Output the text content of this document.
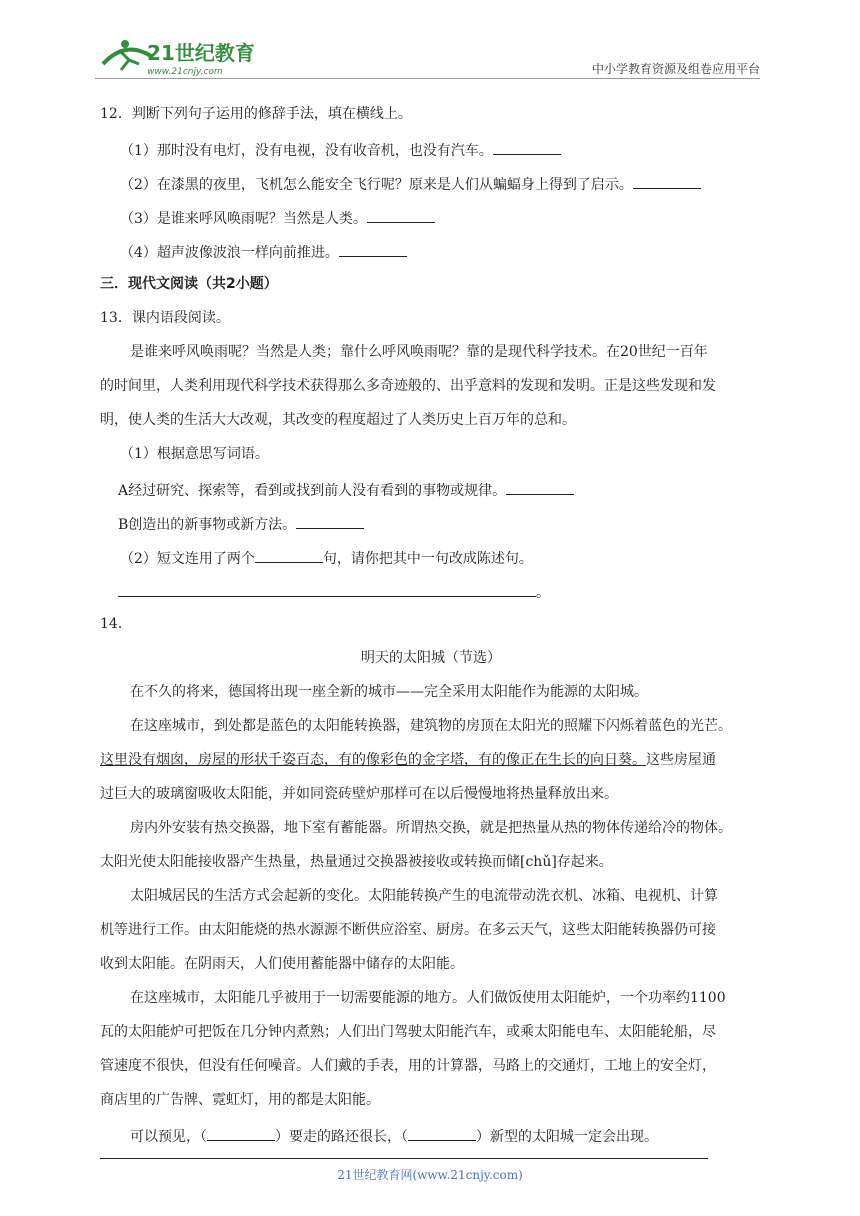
21世纪教育
www.21cnjy.com	中小学教育资源及组卷应用平台
12．判断下列句子运用的修辞手法，填在横线上。
（1）那时没有电灯，没有电视，没有收音机，也没有汽车。
（2）在漆黑的夜里，飞机怎么能安全飞行呢？原来是人们从蝙蝠身上得到了启示。
（3）是谁来呼风唤雨呢？当然是人类。
（4）超声波像波浪一样向前推进。
三．现代文阅读（共2小题）
13．课内语段阅读。
是谁来呼风唤雨呢？当然是人类；靠什么呼风唤雨呢？靠的是现代科学技术。在20世纪一百年
的时间里，人类利用现代科学技术获得那么多奇迹般的、出乎意料的发现和发明。正是这些发现和发
明，使人类的生活大大改观，其改变的程度超过了人类历史上百万年的总和。
（1）根据意思写词语。
A经过研究、探索等，看到或找到前人没有看到的事物或规律。
B创造出的新事物或新方法。
（2）短文连用了两个	句，请你把其中一句改成陈述句。
。
14．
明天的太阳城（节选）
在不久的将来，德国将出现一座全新的城市——完全采用太阳能作为能源的太阳城。
在这座城市，到处都是蓝色的太阳能转换器，建筑物的房顶在太阳光的照耀下闪烁着蓝色的光芒。
这里没有烟囱，房屋的形状千姿百态，有的像彩色的金字塔，有的像正在生长的向日葵。这些房屋通
过巨大的玻璃窗吸收太阳能，并如同瓷砖壁炉那样可在以后慢慢地将热量释放出来。
房内外安装有热交换器，地下室有蓄能器。所谓热交换，就是把热量从热的物体传递给冷的物体。
太阳光使太阳能接收器产生热量，热量通过交换器被接收或转换而储[chǔ]存起来。
太阳城居民的生活方式会起新的变化。太阳能转换产生的电流带动洗衣机、冰箱、电视机、计算
机等进行工作。由太阳能烧的热水源源不断供应浴室、厨房。在多云天气，这些太阳能转换器仍可接
收到太阳能。在阴雨天，人们使用蓄能器中储存的太阳能。
在这座城市，太阳能几乎被用于一切需要能源的地方。人们做饭使用太阳能炉，一个功率约1100
瓦的太阳能炉可把饭在几分钟内煮熟；人们出门驾驶太阳能汽车，或乘太阳能电车、太阳能轮船，尽
管速度不很快，但没有任何噪音。人们戴的手表，用的计算器，马路上的交通灯，工地上的安全灯，
商店里的广告牌、霓虹灯，用的都是太阳能。
可以预见，（	）要走的路还很长，（	）新型的太阳城一定会出现。
21世纪教育网(www.21cnjy.com)
